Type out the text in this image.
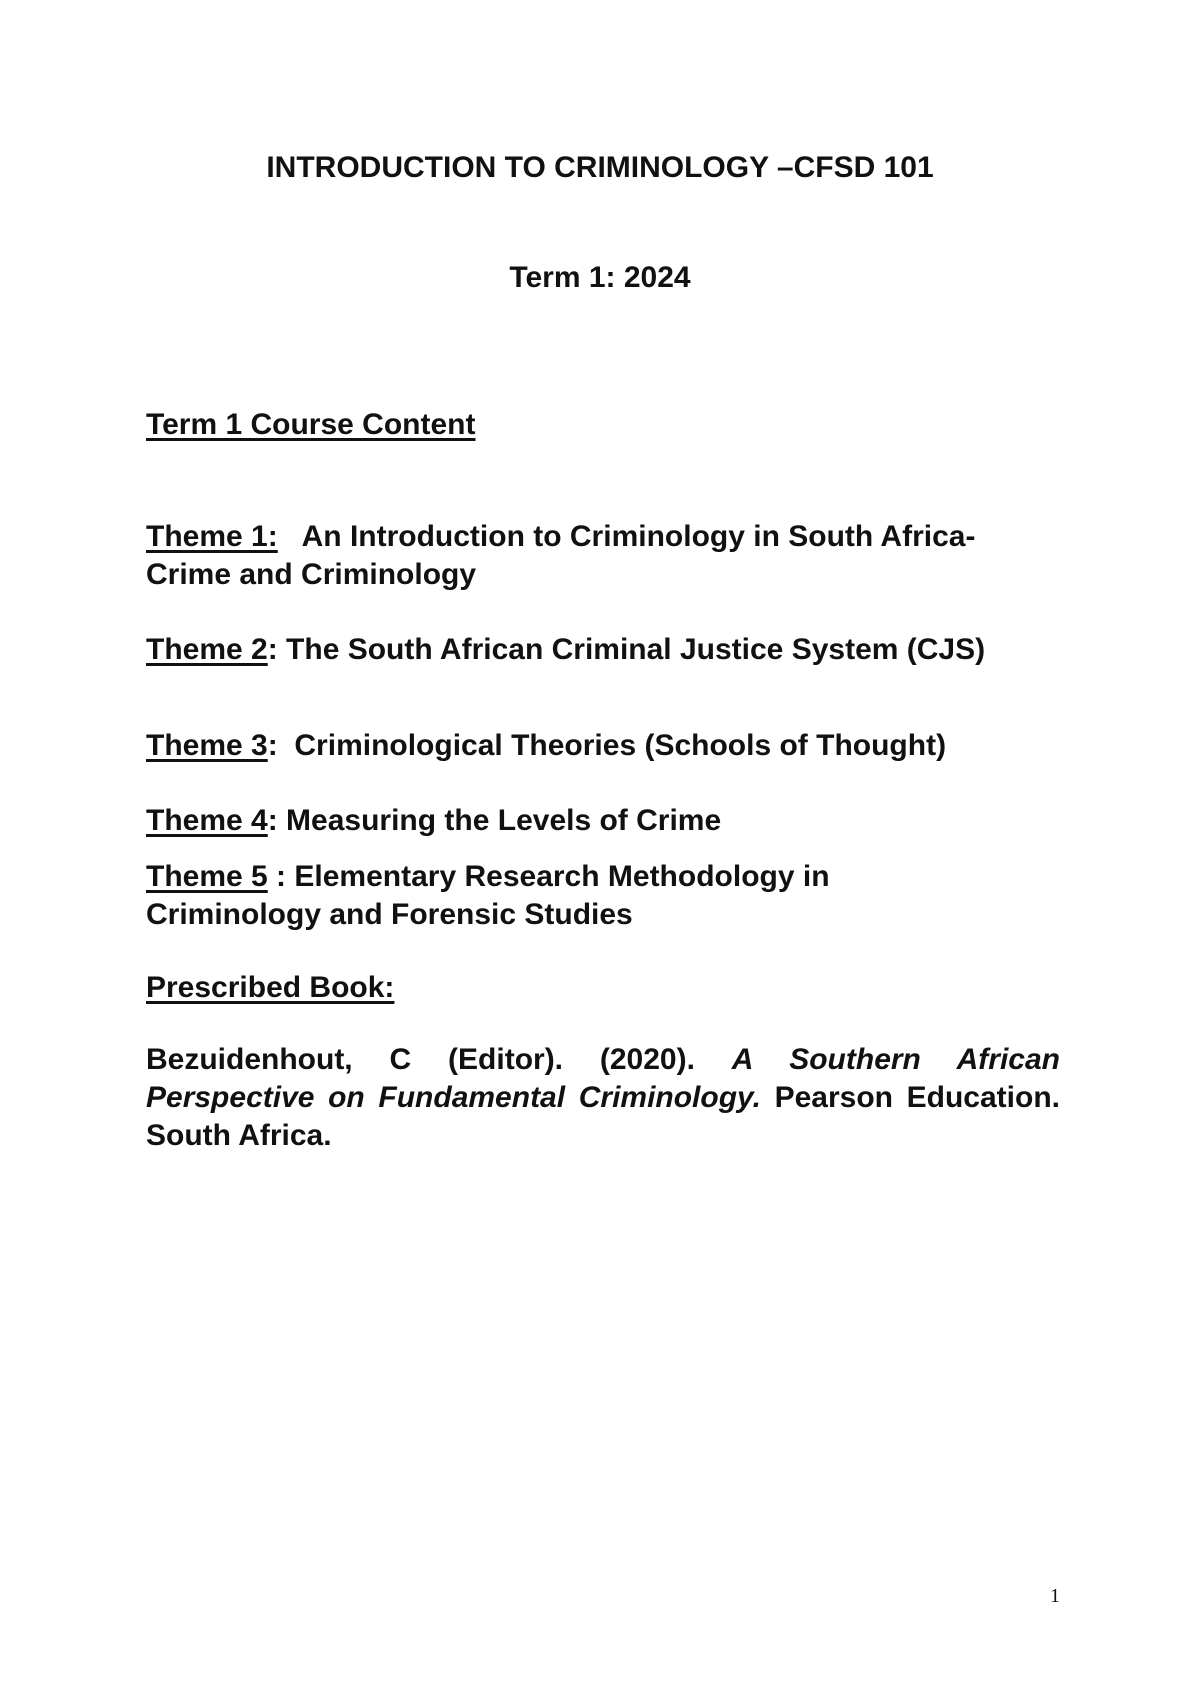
INTRODUCTION TO CRIMINOLOGY –CFSD 101
Term 1: 2024
Term 1 Course Content
Theme 1: An Introduction to Criminology in South Africa-
Crime and Criminology
Theme 2: The South African Criminal Justice System (CJS)
Theme 3:  Criminological Theories (Schools of Thought)
Theme 4: Measuring the Levels of Crime
Theme 5 : Elementary Research Methodology in
Criminology and Forensic Studies
Prescribed Book:
Bezuidenhout, C (Editor). (2020). A Southern African Perspective on Fundamental Criminology. Pearson Education. South Africa.
1
